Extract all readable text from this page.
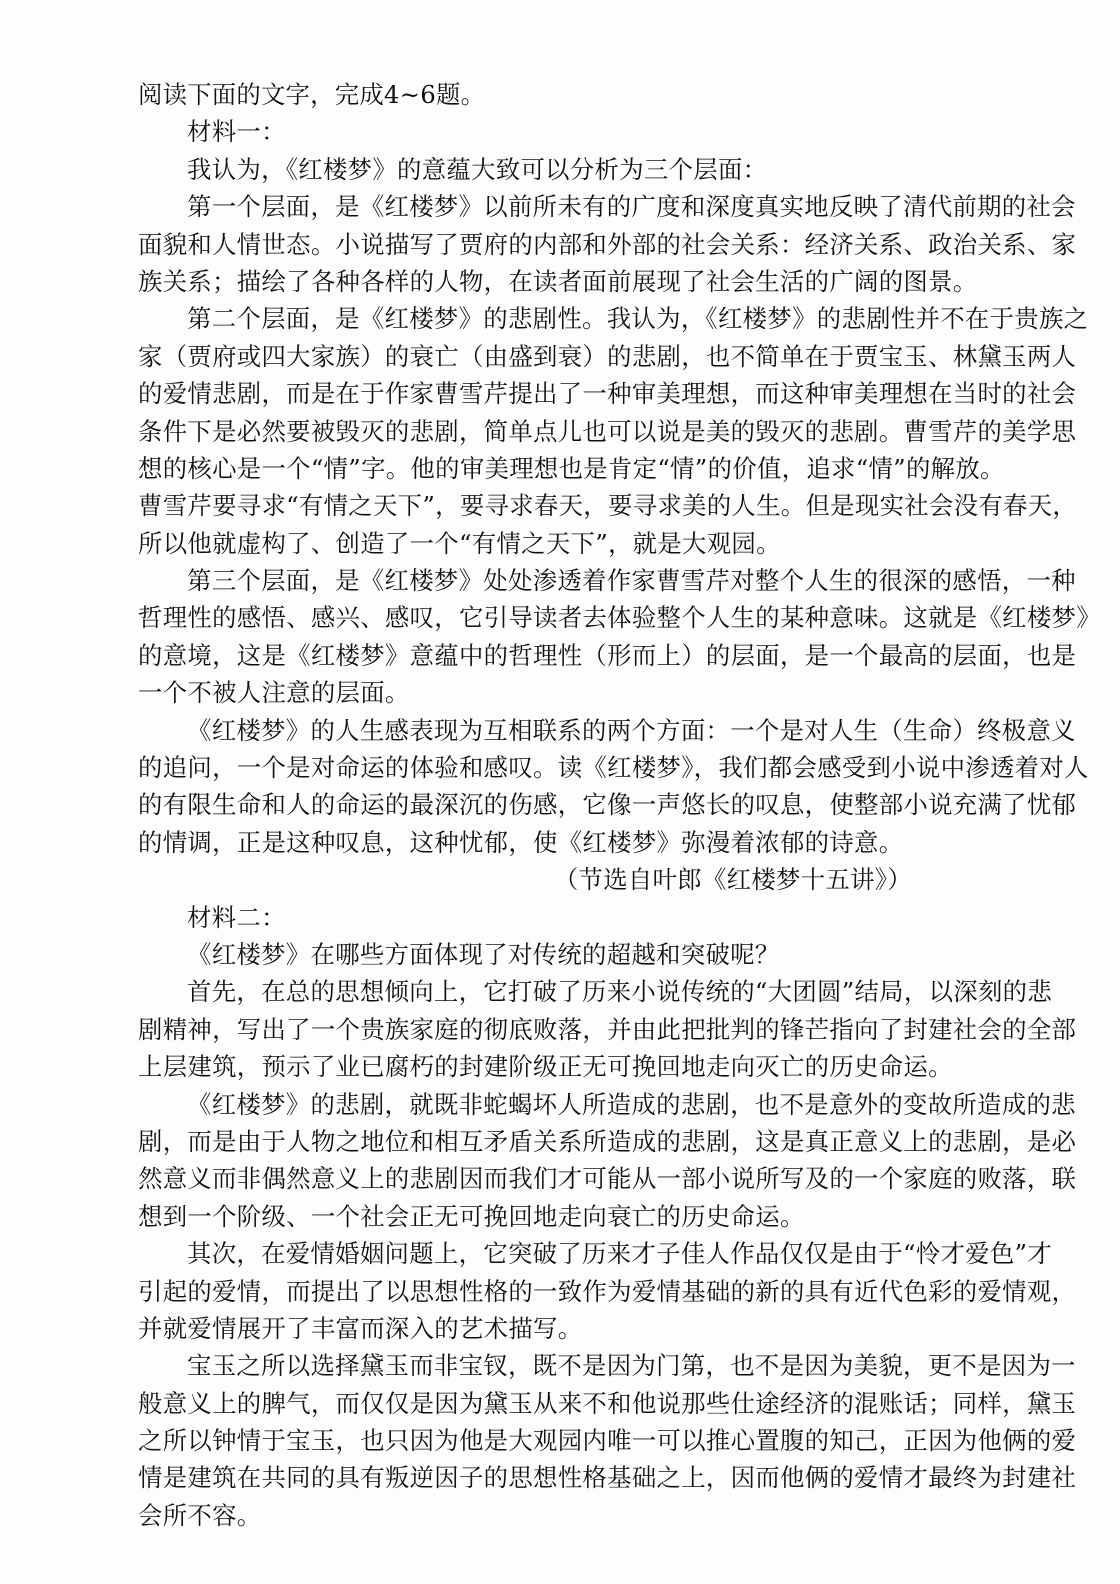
阅读下面的文字，完成4~6题。
材料一：
我认为，《红楼梦》的意蕴大致可以分析为三个层面：
第一个层面，是《红楼梦》以前所未有的广度和深度真实地反映了清代前期的社会
面貌和人情世态。小说描写了贾府的内部和外部的社会关系：经济关系、政治关系、家
族关系；描绘了各种各样的人物，在读者面前展现了社会生活的广阔的图景。
第二个层面，是《红楼梦》的悲剧性。我认为，《红楼梦》的悲剧性并不在于贵族之
家（贾府或四大家族）的衰亡（由盛到衰）的悲剧，也不简单在于贾宝玉、林黛玉两人
的爱情悲剧，而是在于作家曹雪芹提出了一种审美理想，而这种审美理想在当时的社会
条件下是必然要被毁灭的悲剧，简单点儿也可以说是美的毁灭的悲剧。曹雪芹的美学思
想的核心是一个“情”字。他的审美理想也是肯定“情”的价值，追求“情”的解放。
曹雪芹要寻求“有情之天下”，要寻求春天，要寻求美的人生。但是现实社会没有春天，
所以他就虚构了、创造了一个“有情之天下”，就是大观园。
第三个层面，是《红楼梦》处处渗透着作家曹雪芹对整个人生的很深的感悟，一种
哲理性的感悟、感兴、感叹，它引导读者去体验整个人生的某种意味。这就是《红楼梦》
的意境，这是《红楼梦》意蕴中的哲理性（形而上）的层面，是一个最高的层面，也是
一个不被人注意的层面。
《红楼梦》的人生感表现为互相联系的两个方面：一个是对人生（生命）终极意义
的追问，一个是对命运的体验和感叹。读《红楼梦》，我们都会感受到小说中渗透着对人
的有限生命和人的命运的最深沉的伤感，它像一声悠长的叹息，使整部小说充满了忧郁
的情调，正是这种叹息，这种忧郁，使《红楼梦》弥漫着浓郁的诗意。
（节选自叶郎《红楼梦十五讲》）
材料二：
《红楼梦》在哪些方面体现了对传统的超越和突破呢？
首先，在总的思想倾向上，它打破了历来小说传统的“大团圆”结局，以深刻的悲
剧精神，写出了一个贵族家庭的彻底败落，并由此把批判的锋芒指向了封建社会的全部
上层建筑，预示了业已腐朽的封建阶级正无可挽回地走向灭亡的历史命运。
《红楼梦》的悲剧，就既非蛇蝎坏人所造成的悲剧，也不是意外的变故所造成的悲
剧，而是由于人物之地位和相互矛盾关系所造成的悲剧，这是真正意义上的悲剧，是必
然意义而非偶然意义上的悲剧因而我们才可能从一部小说所写及的一个家庭的败落，联
想到一个阶级、一个社会正无可挽回地走向衰亡的历史命运。
其次，在爱情婚姻问题上，它突破了历来才子佳人作品仅仅是由于“怜才爱色”才
引起的爱情，而提出了以思想性格的一致作为爱情基础的新的具有近代色彩的爱情观，
并就爱情展开了丰富而深入的艺术描写。
宝玉之所以选择黛玉而非宝钗，既不是因为门第，也不是因为美貌，更不是因为一
般意义上的脾气，而仅仅是因为黛玉从来不和他说那些仕途经济的混账话；同样，黛玉
之所以钟情于宝玉，也只因为他是大观园内唯一可以推心置腹的知己，正因为他俩的爱
情是建筑在共同的具有叛逆因子的思想性格基础之上，因而他俩的爱情才最终为封建社
会所不容。
